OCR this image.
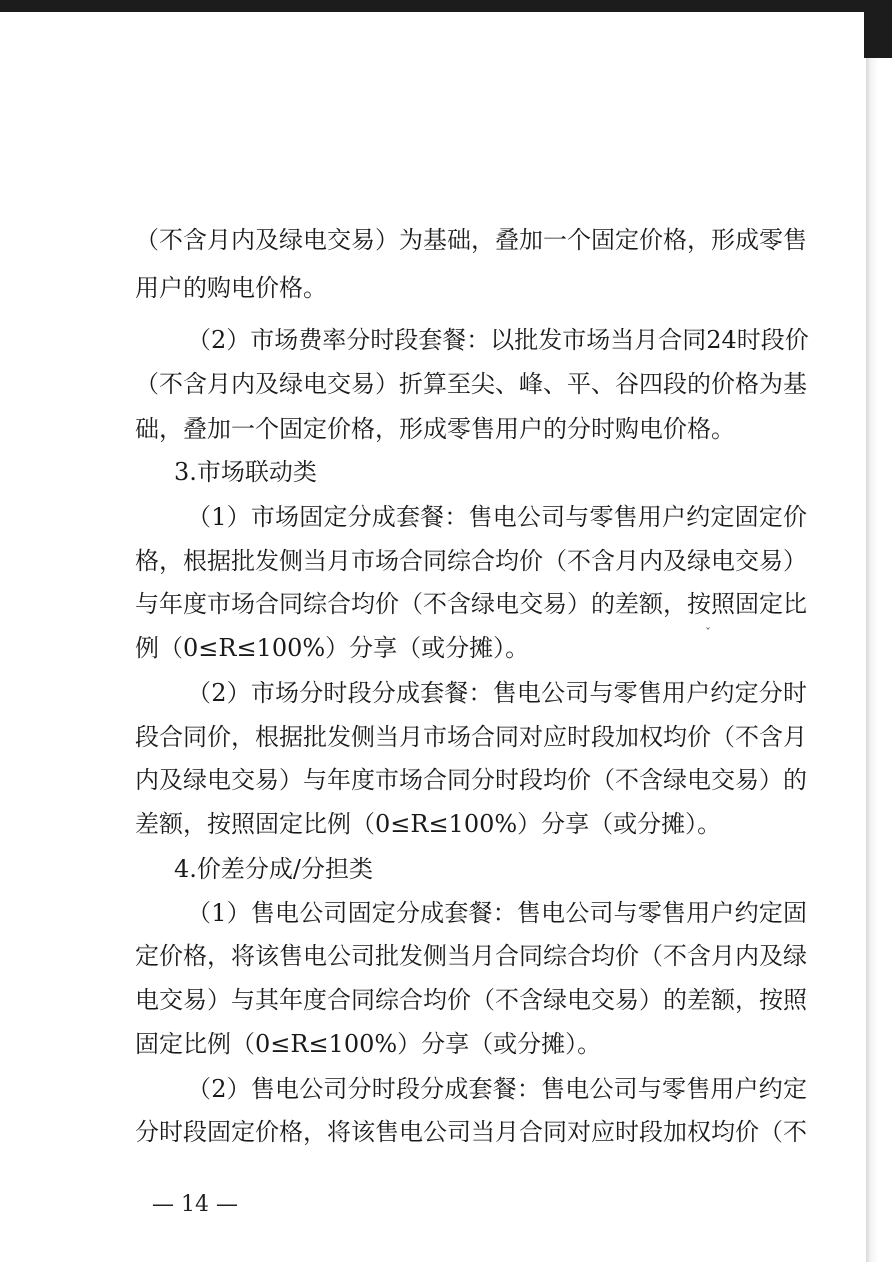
（不含月内及绿电交易）为基础，叠加一个固定价格，形成零售
用户的购电价格。
（2）市场费率分时段套餐：以批发市场当月合同24时段价
（不含月内及绿电交易）折算至尖、峰、平、谷四段的价格为基
础，叠加一个固定价格，形成零售用户的分时购电价格。
3.市场联动类
（1）市场固定分成套餐：售电公司与零售用户约定固定价
格，根据批发侧当月市场合同综合均价（不含月内及绿电交易）
与年度市场合同综合均价（不含绿电交易）的差额，按照固定比
例（0≤R≤100%）分享（或分摊）。
ˇ
（2）市场分时段分成套餐：售电公司与零售用户约定分时
段合同价，根据批发侧当月市场合同对应时段加权均价（不含月
内及绿电交易）与年度市场合同分时段均价（不含绿电交易）的
差额，按照固定比例（0≤R≤100%）分享（或分摊）。
4.价差分成/分担类
（1）售电公司固定分成套餐：售电公司与零售用户约定固
定价格，将该售电公司批发侧当月合同综合均价（不含月内及绿
电交易）与其年度合同综合均价（不含绿电交易）的差额，按照
固定比例（0≤R≤100%）分享（或分摊）。
（2）售电公司分时段分成套餐：售电公司与零售用户约定
分时段固定价格，将该售电公司当月合同对应时段加权均价（不
— 14 —
